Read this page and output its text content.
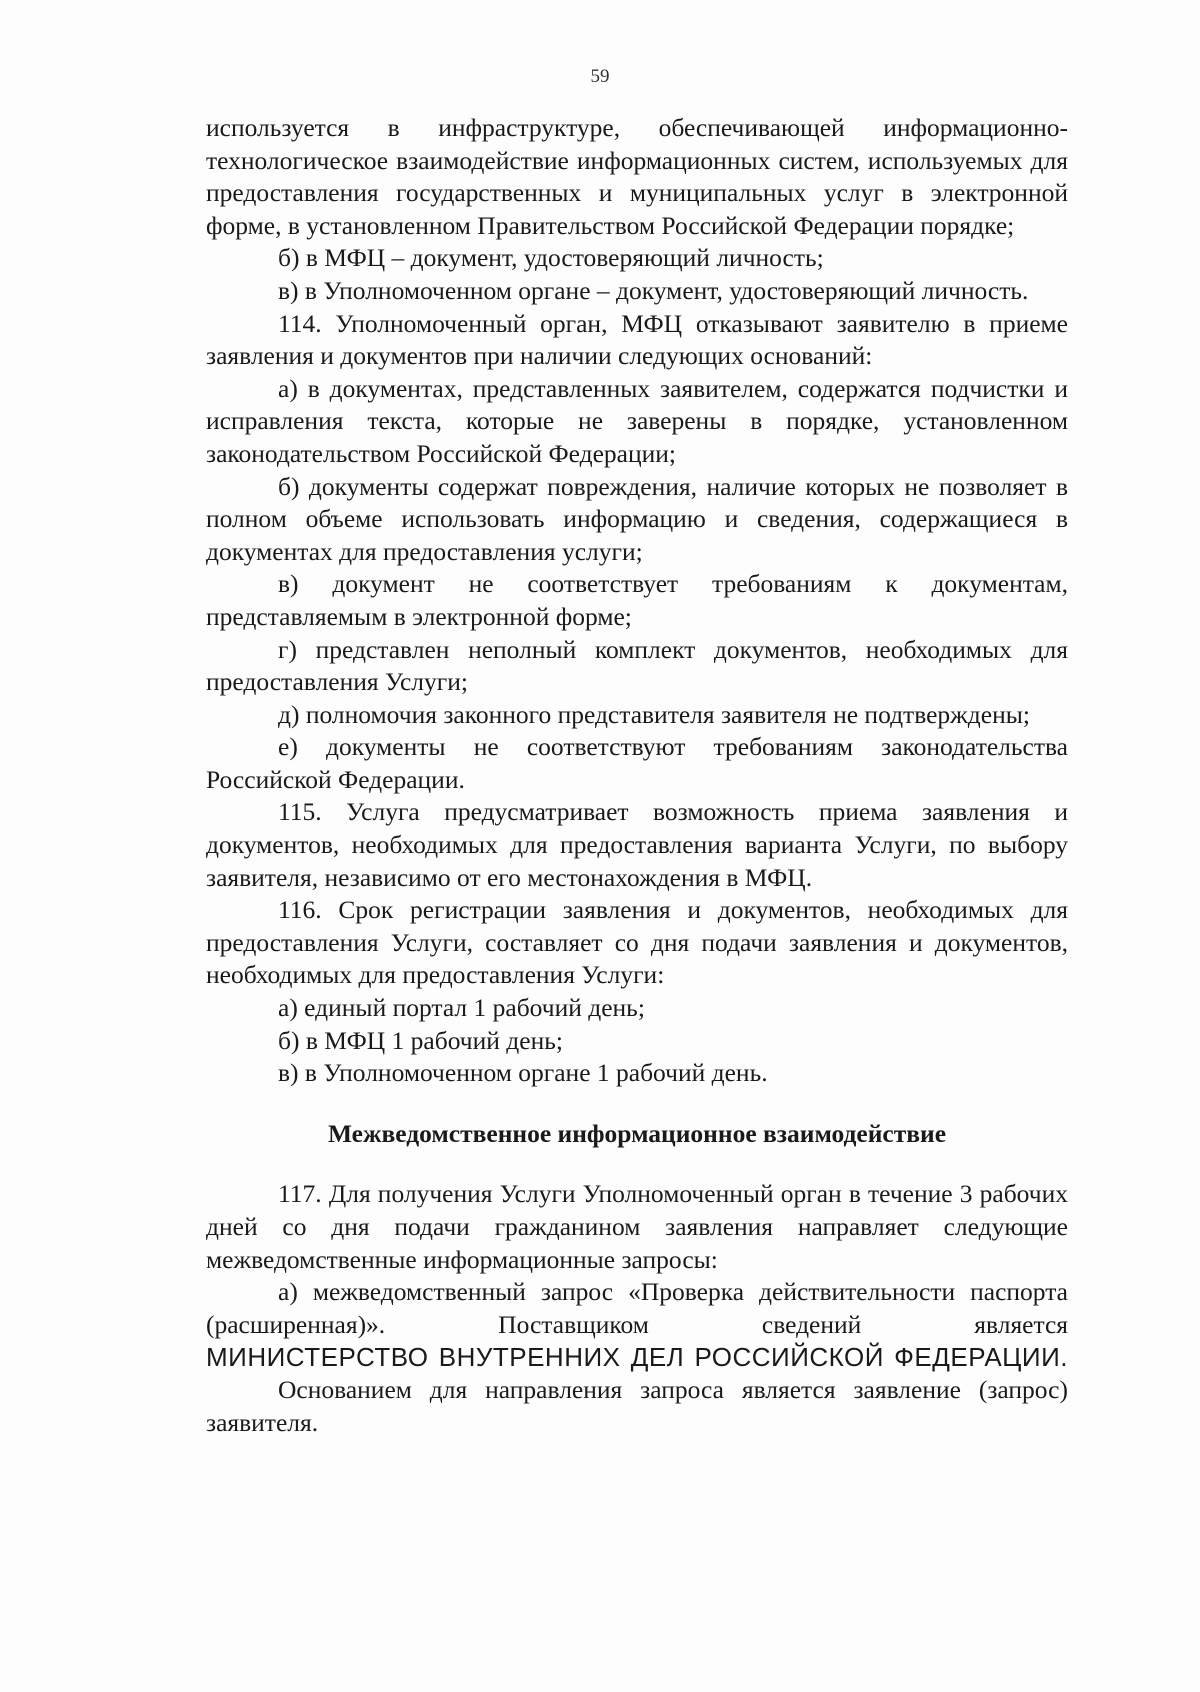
59

используется в инфраструктуре, обеспечивающей информационно-технологическое взаимодействие информационных систем, используемых для предоставления государственных и муниципальных услуг в электронной форме, в установленном Правительством Российской Федерации порядке;

б) в МФЦ – документ, удостоверяющий личность;

в) в Уполномоченном органе – документ, удостоверяющий личность.

114. Уполномоченный орган, МФЦ отказывают заявителю в приеме заявления и документов при наличии следующих оснований:

а) в документах, представленных заявителем, содержатся подчистки и исправления текста, которые не заверены в порядке, установленном законодательством Российской Федерации;

б) документы содержат повреждения, наличие которых не позволяет в полном объеме использовать информацию и сведения, содержащиеся в документах для предоставления услуги;

в) документ не соответствует требованиям к документам, представляемым в электронной форме;

г) представлен неполный комплект документов, необходимых для предоставления Услуги;

д) полномочия законного представителя заявителя не подтверждены;

е) документы не соответствуют требованиям законодательства Российской Федерации.

115. Услуга предусматривает возможность приема заявления и документов, необходимых для предоставления варианта Услуги, по выбору заявителя, независимо от его местонахождения в МФЦ.

116. Срок регистрации заявления и документов, необходимых для предоставления Услуги, составляет со дня подачи заявления и документов, необходимых для предоставления Услуги:

а) единый портал 1 рабочий день;

б) в МФЦ 1 рабочий день;

в) в Уполномоченном органе 1 рабочий день.

Межведомственное информационное взаимодействие

117. Для получения Услуги Уполномоченный орган в течение 3 рабочих дней со дня подачи гражданином заявления направляет следующие межведомственные информационные запросы:

а) межведомственный запрос «Проверка действительности паспорта (расширенная)». Поставщиком сведений является

МИНИСТЕРСТВО ВНУТРЕННИХ ДЕЛ РОССИЙСКОЙ ФЕДЕРАЦИИ.

Основанием для направления запроса является заявление (запрос) заявителя.
